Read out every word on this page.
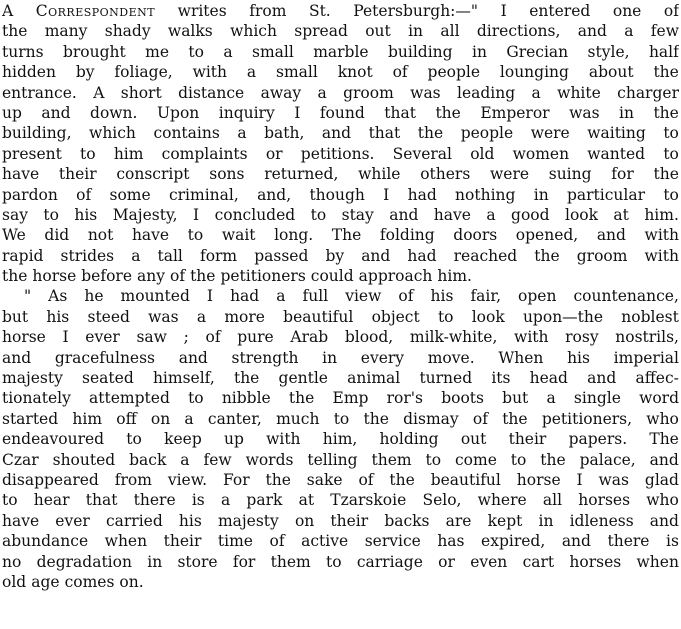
A Correspondent writes from St. Petersburgh:—" I entered one of
the many shady walks which spread out in all directions, and a few
turns brought me to a small marble building in Grecian style, half
hidden by foliage, with a small knot of people lounging about the
entrance. A short distance away a groom was leading a white charger
up and down. Upon inquiry I found that the Emperor was in the
building, which contains a bath, and that the people were waiting to
present to him complaints or petitions. Several old women wanted to
have their conscript sons returned, while others were suing for the
pardon of some criminal, and, though I had nothing in particular to
say to his Majesty, I concluded to stay and have a good look at him.
We did not have to wait long. The folding doors opened, and with
rapid strides a tall form passed by and had reached the groom with
the horse before any of the petitioners could approach him.
" As he mounted I had a full view of his fair, open countenance,
but his steed was a more beautiful object to look upon—the noblest
horse I ever saw ; of pure Arab blood, milk-white, with rosy nostrils,
and gracefulness and strength in every move. When his imperial
majesty seated himself, the gentle animal turned its head and affec-
tionately attempted to nibble the Emp ror's boots but a single word
started him off on a canter, much to the dismay of the petitioners, who
endeavoured to keep up with him, holding out their papers. The
Czar shouted back a few words telling them to come to the palace, and
disappeared from view. For the sake of the beautiful horse I was glad
to hear that there is a park at Tzarskoie Selo, where all horses who
have ever carried his majesty on their backs are kept in idleness and
abundance when their time of active service has expired, and there is
no degradation in store for them to carriage or even cart horses when
old age comes on.
